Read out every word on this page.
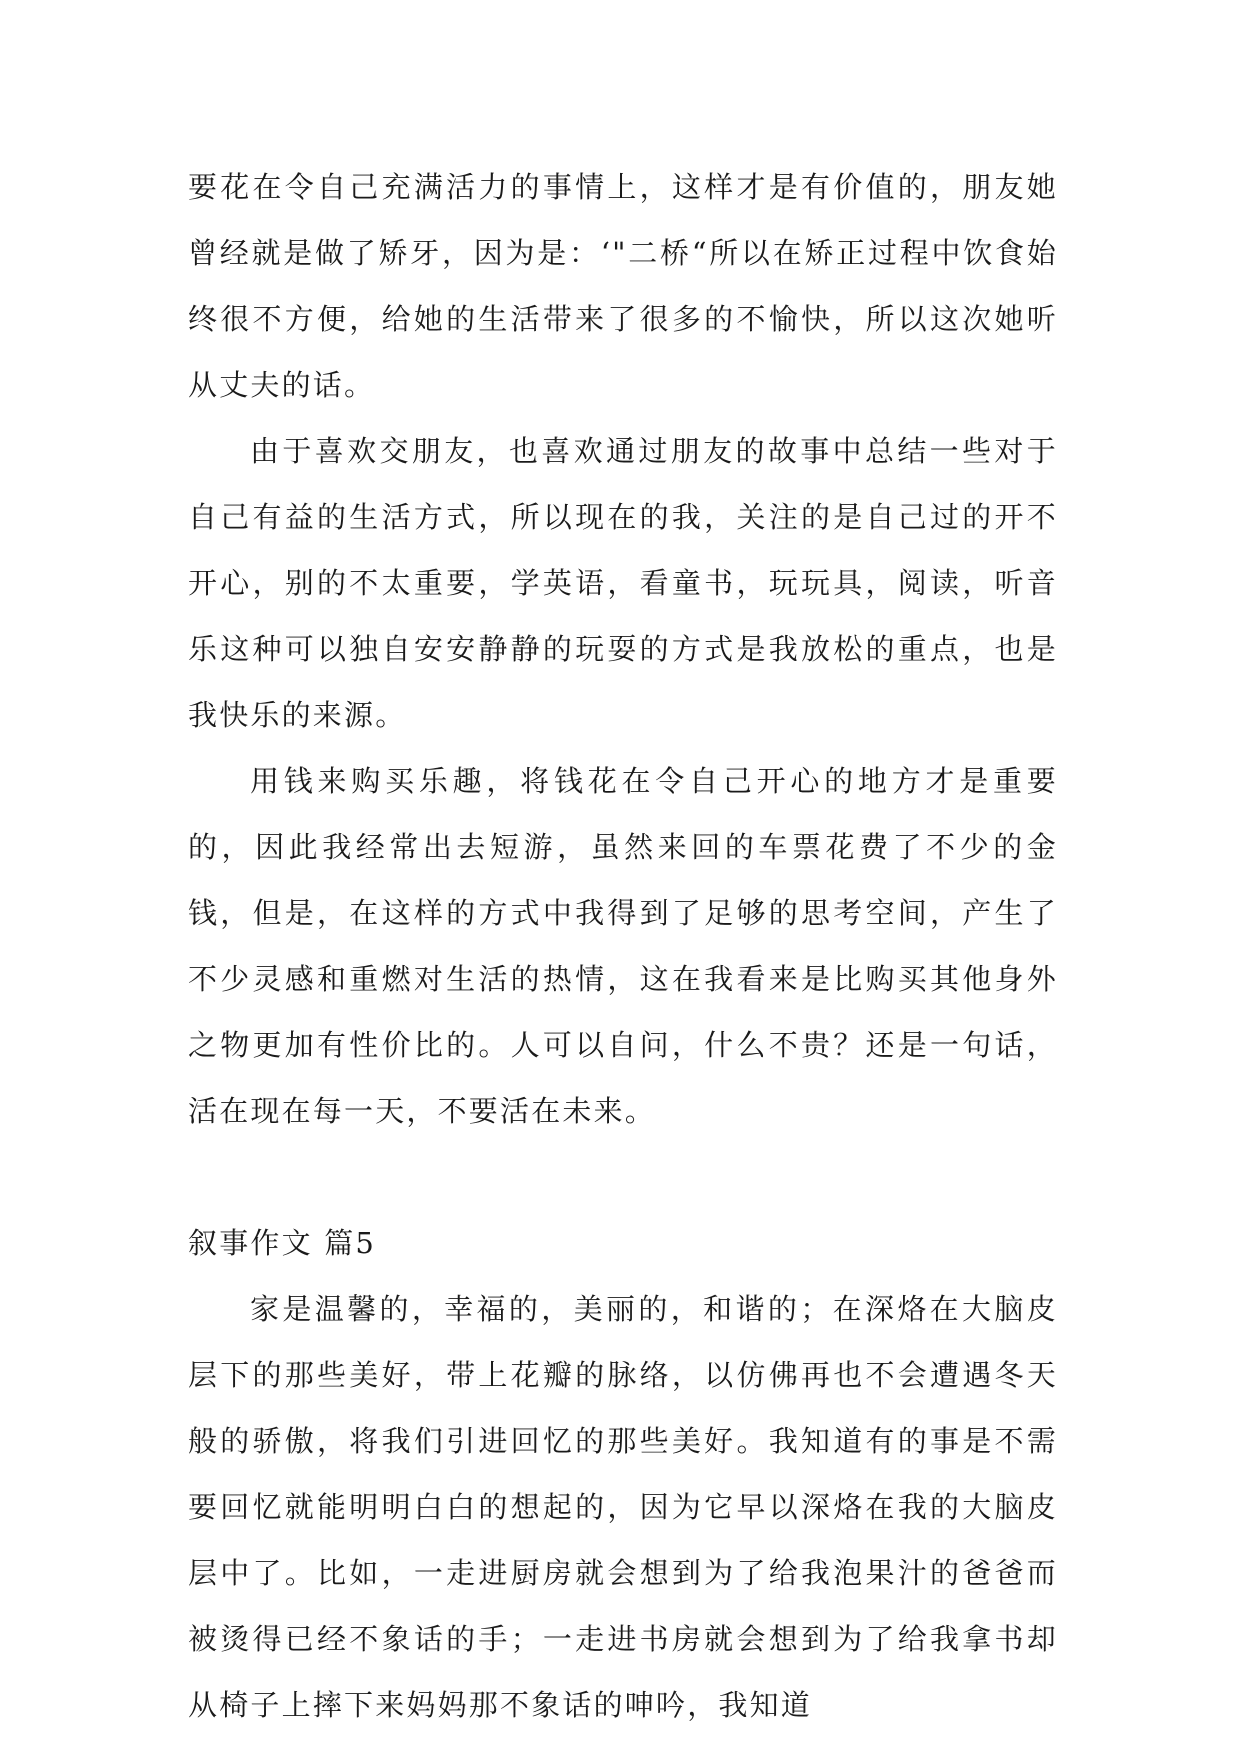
要花在令自己充满活力的事情上，这样才是有价值的，朋友她曾经就是做了矫牙，因为是：‘"二桥“所以在矫正过程中饮食始终很不方便，给她的生活带来了很多的不愉快，所以这次她听从丈夫的话。

由于喜欢交朋友，也喜欢通过朋友的故事中总结一些对于自己有益的生活方式，所以现在的我，关注的是自己过的开不开心，别的不太重要，学英语，看童书，玩玩具，阅读，听音乐这种可以独自安安静静的玩耍的方式是我放松的重点，也是我快乐的来源。

用钱来购买乐趣，将钱花在令自己开心的地方才是重要的，因此我经常出去短游，虽然来回的车票花费了不少的金钱，但是，在这样的方式中我得到了足够的思考空间，产生了不少灵感和重燃对生活的热情，这在我看来是比购买其他身外之物更加有性价比的。人可以自问，什么不贵？还是一句话，活在现在每一天，不要活在未来。

叙事作文 篇5

家是温馨的，幸福的，美丽的，和谐的；在深烙在大脑皮层下的那些美好，带上花瓣的脉络，以仿佛再也不会遭遇冬天般的骄傲，将我们引进回忆的那些美好。我知道有的事是不需要回忆就能明明白白的想起的，因为它早以深烙在我的大脑皮层中了。比如，一走进厨房就会想到为了给我泡果汁的爸爸而被烫得已经不象话的手；一走进书房就会想到为了给我拿书却从椅子上摔下来妈妈那不象话的呻吟，我知道
